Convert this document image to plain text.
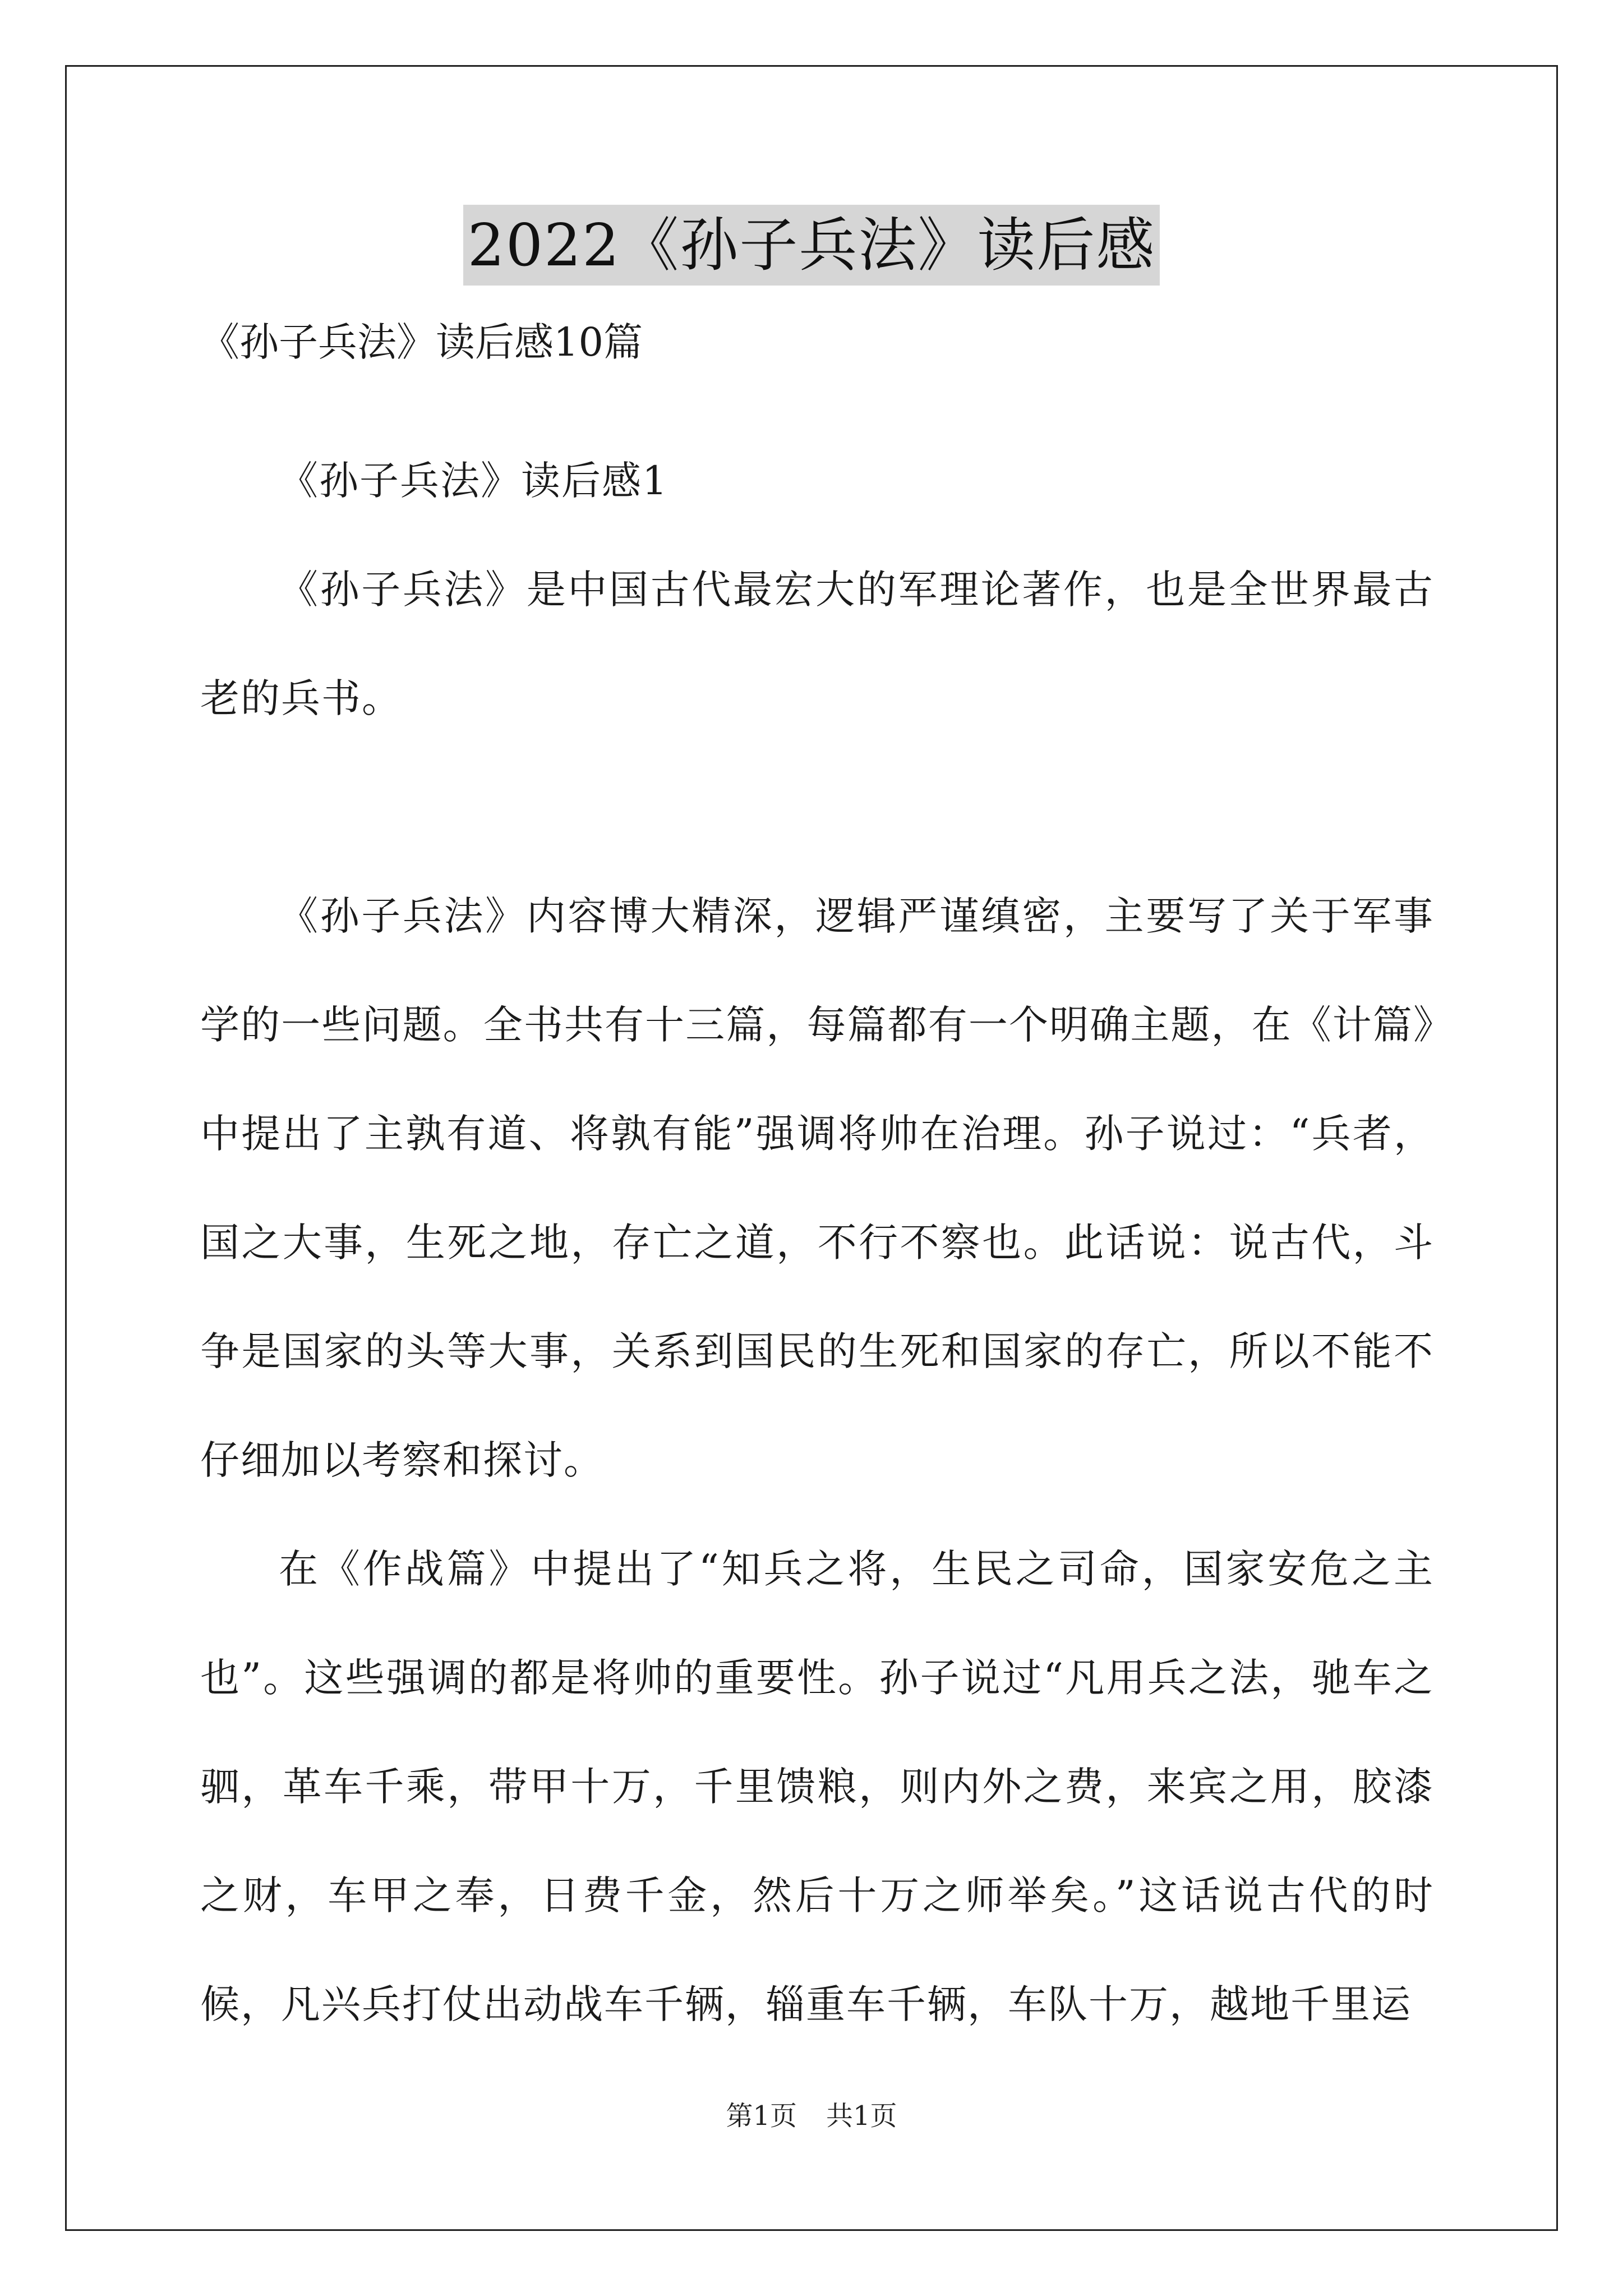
2022《孙子兵法》读后感

《孙子兵法》读后感10篇

《孙子兵法》读后感1

《孙子兵法》是中国古代最宏大的军理论著作，也是全世界最古老的兵书。

《孙子兵法》内容博大精深，逻辑严谨缜密，主要写了关于军事学的一些问题。全书共有十三篇，每篇都有一个明确主题，在《计篇》中提出了主孰有道、将孰有能”强调将帅在治理。孙子说过：“兵者，国之大事，生死之地，存亡之道，不行不察也。此话说：说古代，斗争是国家的头等大事，关系到国民的生死和国家的存亡，所以不能不仔细加以考察和探讨。

在《作战篇》中提出了“知兵之将，生民之司命，国家安危之主也”。这些强调的都是将帅的重要性。孙子说过“凡用兵之法，驰车之驷，革车千乘，带甲十万，千里馈粮，则内外之费，来宾之用，胶漆之财，车甲之奉，日费千金，然后十万之师举矣。”这话说古代的时候，凡兴兵打仗出动战车千辆，辎重车千辆，车队十万，越地千里运

第1页 共1页
